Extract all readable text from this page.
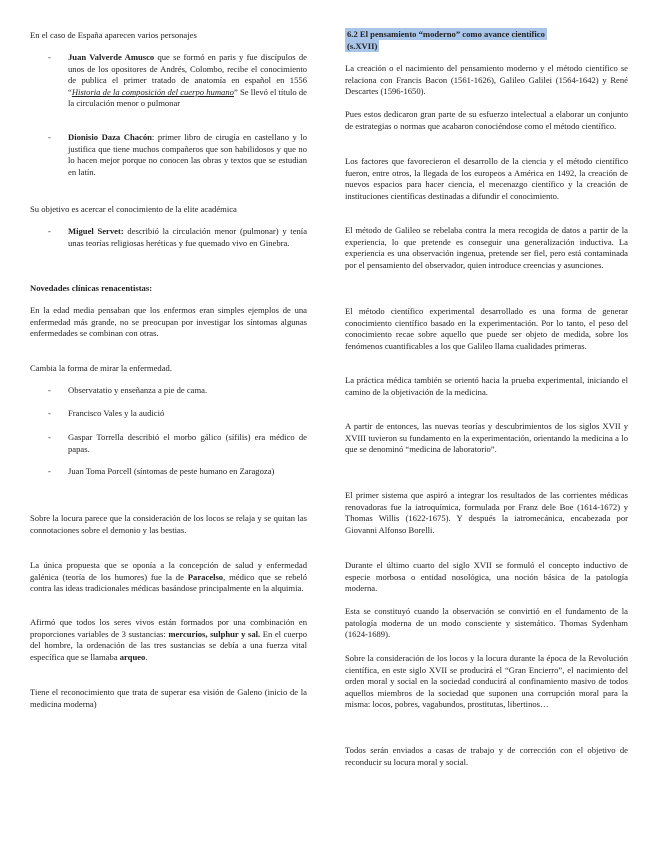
En el caso de España aparecen varios personajes

- Juan Valverde Amusco que se formó en paris y fue discípulos de unos de los opositores de Andrés, Colombo, recibe el conocimiento de publica el primer tratado de anatomía en español en 1556 “Historia de la composición del cuerpo humano” Se llevó el título de la circulación menor o pulmonar

- Dionisio Daza Chacón: primer libro de cirugía en castellano y lo justifica que tiene muchos compañeros que son habilidosos y que no lo hacen mejor porque no conocen las obras y textos que se estudian en latín.

Su objetivo es acercar el conocimiento de la elite académica

- Miguel Servet: describió la circulación menor (pulmonar) y tenía unas teorías religiosas heréticas y fue quemado vivo en Ginebra.

Novedades clínicas renacentistas:

En la edad media pensaban que los enfermos eran simples ejemplos de una enfermedad más grande, no se preocupan por investigar los síntomas algunas enfermedades se combinan con otras.

Cambia la forma de mirar la enfermedad.

- Observatatio y enseñanza a pie de cama.

- Francisco Vales y la audició

- Gaspar Torrella describió el morbo gálico (sífilis) era médico de papas.

- Juan Toma Porcell (síntomas de peste humano en Zaragoza)

Sobre la locura parece que la consideración de los locos se relaja y se quitan las connotaciones sobre el demonio y las bestias.

La única propuesta que se oponía a la concepción de salud y enfermedad galénica (teoría de los humores) fue la de Paracelso, médico que se rebeló contra las ideas tradicionales médicas basándose principalmente en la alquimia.

Afirmó que todos los seres vivos están formados por una combinación en proporciones variables de 3 sustancias: mercurios, sulphur y sal. En el cuerpo del hombre, la ordenación de las tres sustancias se debía a una fuerza vital específica que se llamaba arqueo.

Tiene el reconocimiento que trata de superar esa visión de Galeno (inicio de la medicina moderna)

6.2 El pensamiento “moderno” como avance científico
(s.XVII)

La creación o el nacimiento del pensamiento moderno y el método científico se relaciona con Francis Bacon (1561-1626), Galileo Galilei (1564-1642) y René Descartes (1596-1650).

Pues estos dedicaron gran parte de su esfuerzo intelectual a elaborar un conjunto de estrategias o normas que acabaron conociéndose como el método científico.

Los factores que favorecieron el desarrollo de la ciencia y el método científico fueron, entre otros, la llegada de los europeos a América en 1492, la creación de nuevos espacios para hacer ciencia, el mecenazgo científico y la creación de instituciones científicas destinadas a difundir el conocimiento.

El método de Galileo se rebelaba contra la mera recogida de datos a partir de la experiencia, lo que pretende es conseguir una generalización inductiva. La experiencia es una observación ingenua, pretende ser fiel, pero está contaminada por el pensamiento del observador, quien introduce creencias y asunciones.

El método científico experimental desarrollado es una forma de generar conocimiento científico basado en la experimentación. Por lo tanto, el peso del conocimiento recae sobre aquello que puede ser objeto de medida, sobre los fenómenos cuantificables a los que Galileo llama cualidades primeras.

La práctica médica también se orientó hacia la prueba experimental, iniciando el camino de la objetivación de la medicina.

A partir de entonces, las nuevas teorías y descubrimientos de los siglos XVII y XVIII tuvieron su fundamento en la experimentación, orientando la medicina a lo que se denominó “medicina de laboratorio”.

El primer sistema que aspiró a integrar los resultados de las corrientes médicas renovadoras fue la iatroquímica, formulada por Franz dele Boe (1614-1672) y Thomas Willis (1622-1675). Y después la iatromecánica, encabezada por Giovanni Alfonso Borelli.

Durante el último cuarto del siglo XVII se formuló el concepto inductivo de especie morbosa o entidad nosológica, una noción básica de la patología moderna.

Esta se constituyó cuando la observación se convirtió en el fundamento de la patología moderna de un modo consciente y sistemático. Thomas Sydenham (1624-1689).

Sobre la consideración de los locos y la locura durante la época de la Revolución científica, en este siglo XVII se producirá el “Gran Encierro”, el nacimiento del orden moral y social en la sociedad conducirá al confinamiento masivo de todos aquellos miembros de la sociedad que suponen una corrupción moral para la misma: locos, pobres, vagabundos, prostitutas, libertinos…

Todos serán enviados a casas de trabajo y de corrección con el objetivo de reconducir su locura moral y social.
